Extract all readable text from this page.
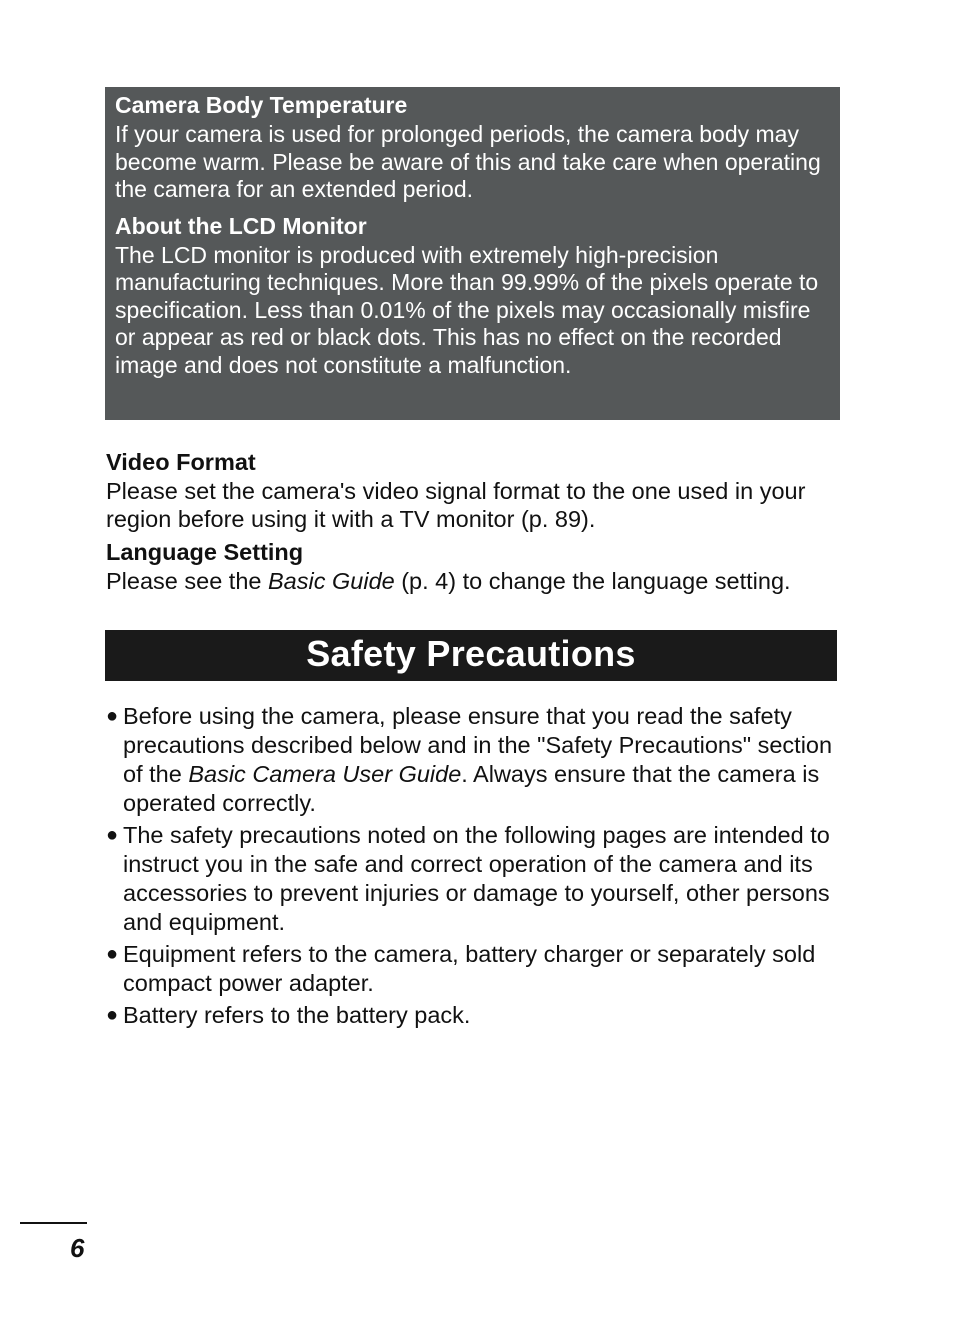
Camera Body Temperature

If your camera is used for prolonged periods, the camera body may become warm. Please be aware of this and take care when operating the camera for an extended period.

About the LCD Monitor

The LCD monitor is produced with extremely high-precision manufacturing techniques. More than 99.99% of the pixels operate to specification. Less than 0.01% of the pixels may occasionally misfire or appear as red or black dots. This has no effect on the recorded image and does not constitute a malfunction.

Video Format

Please set the camera's video signal format to the one used in your region before using it with a TV monitor (p. 89).

Language Setting

Please see the Basic Guide (p. 4) to change the language setting.

Safety Precautions
● Before using the camera, please ensure that you read the safety precautions described below and in the "Safety Precautions" section of the Basic Camera User Guide. Always ensure that the camera is operated correctly.
● The safety precautions noted on the following pages are intended to instruct you in the safe and correct operation of the camera and its accessories to prevent injuries or damage to yourself, other persons and equipment.
● Equipment refers to the camera, battery charger or separately sold compact power adapter.
● Battery refers to the battery pack.
6
